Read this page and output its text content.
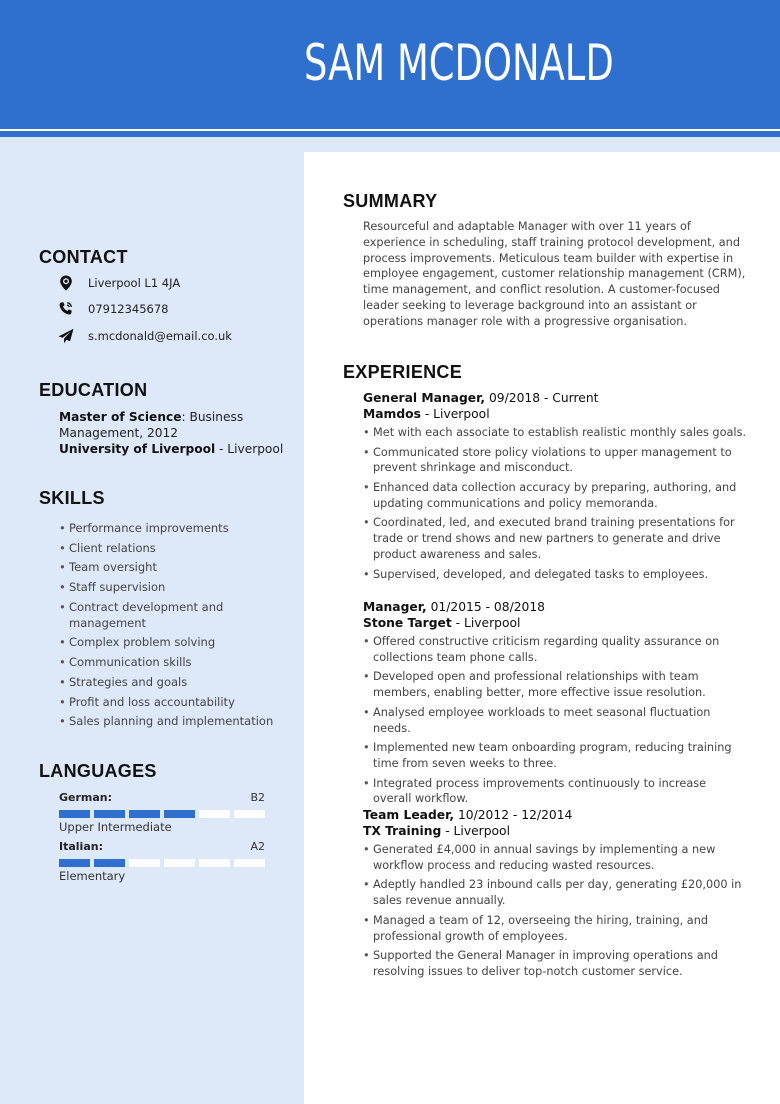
SAM MCDONALD
CONTACT
Liverpool L1 4JA
07912345678
s.mcdonald@email.co.uk
EDUCATION
Master of Science: Business Management, 2012
University of Liverpool - Liverpool
SKILLS
• Performance improvements
• Client relations
• Team oversight
• Staff supervision
• Contract development and management
• Complex problem solving
• Communication skills
• Strategies and goals
• Profit and loss accountability
• Sales planning and implementation
LANGUAGES
German:	B2
Upper Intermediate
Italian:	A2
Elementary
SUMMARY

Resourceful and adaptable Manager with over 11 years of experience in scheduling, staff training protocol development, and process improvements. Meticulous team builder with expertise in employee engagement, customer relationship management (CRM), time management, and conflict resolution. A customer-focused leader seeking to leverage background into an assistant or operations manager role with a progressive organisation.

EXPERIENCE
General Manager, 09/2018 - Current
Mamdos - Liverpool
• Met with each associate to establish realistic monthly sales goals.
• Communicated store policy violations to upper management to prevent shrinkage and misconduct.
• Enhanced data collection accuracy by preparing, authoring, and updating communications and policy memoranda.
• Coordinated, led, and executed brand training presentations for trade or trend shows and new partners to generate and drive product awareness and sales.
• Supervised, developed, and delegated tasks to employees.
Manager, 01/2015 - 08/2018
Stone Target - Liverpool
• Offered constructive criticism regarding quality assurance on collections team phone calls.
• Developed open and professional relationships with team members, enabling better, more effective issue resolution.
• Analysed employee workloads to meet seasonal fluctuation needs.
• Implemented new team onboarding program, reducing training time from seven weeks to three.
• Integrated process improvements continuously to increase overall workflow.
Team Leader, 10/2012 - 12/2014
TX Training - Liverpool
• Generated £4,000 in annual savings by implementing a new workflow process and reducing wasted resources.
• Adeptly handled 23 inbound calls per day, generating £20,000 in sales revenue annually.
• Managed a team of 12, overseeing the hiring, training, and professional growth of employees.
• Supported the General Manager in improving operations and resolving issues to deliver top-notch customer service.
